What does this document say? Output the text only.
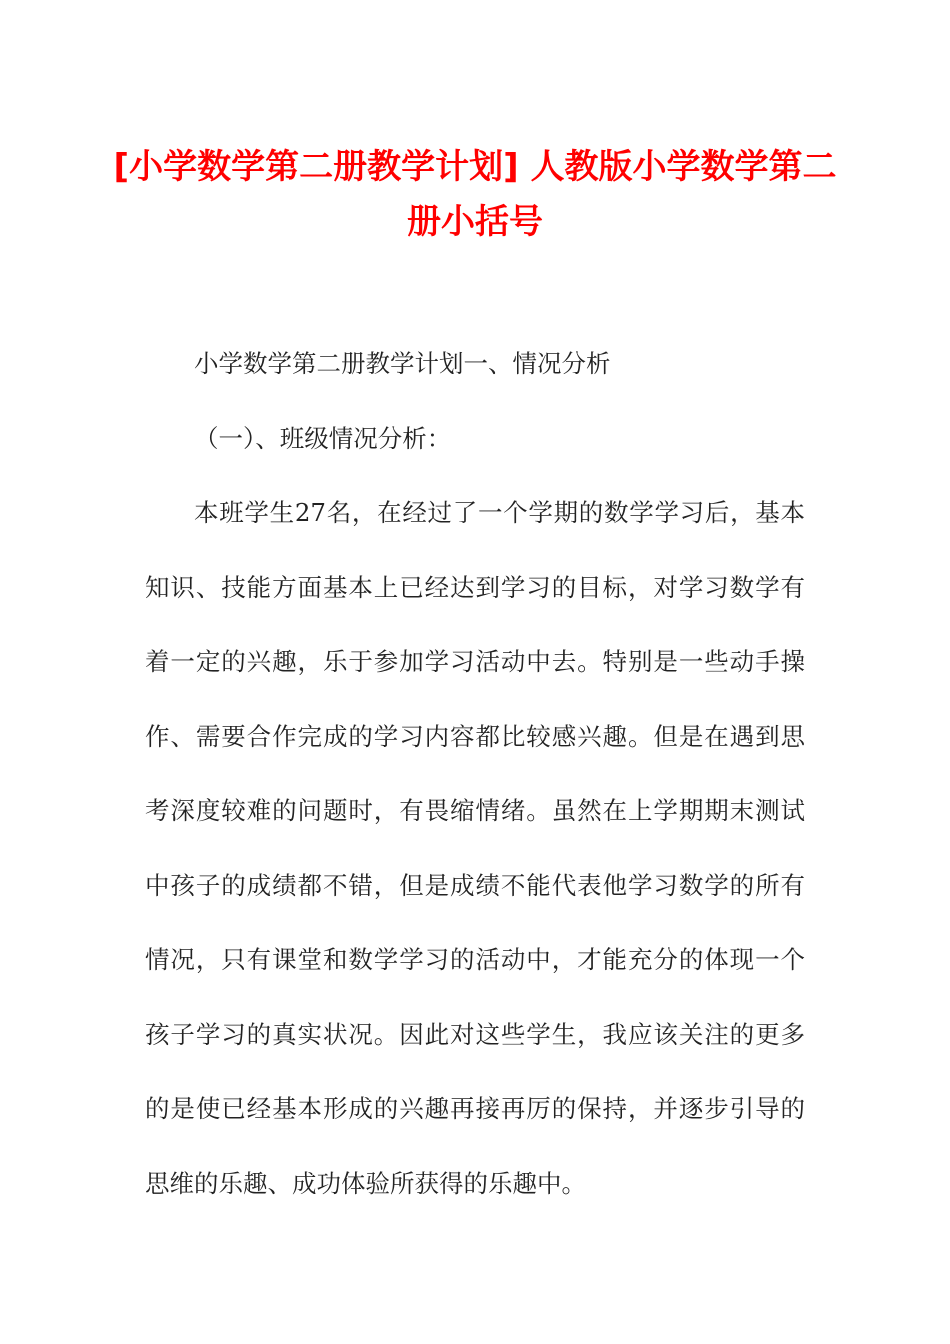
[小学数学第二册教学计划] 人教版小学数学第二册小括号

小学数学第二册教学计划一、情况分析

（一）、班级情况分析：

本班学生27名，在经过了一个学期的数学学习后，基本知识、技能方面基本上已经达到学习的目标，对学习数学有着一定的兴趣，乐于参加学习活动中去。特别是一些动手操作、需要合作完成的学习内容都比较感兴趣。但是在遇到思考深度较难的问题时，有畏缩情绪。虽然在上学期期末测试中孩子的成绩都不错，但是成绩不能代表他学习数学的所有情况，只有课堂和数学学习的活动中，才能充分的体现一个孩子学习的真实状况。因此对这些学生，我应该关注的更多的是使已经基本形成的兴趣再接再厉的保持，并逐步引导的思维的乐趣、成功体验所获得的乐趣中。
